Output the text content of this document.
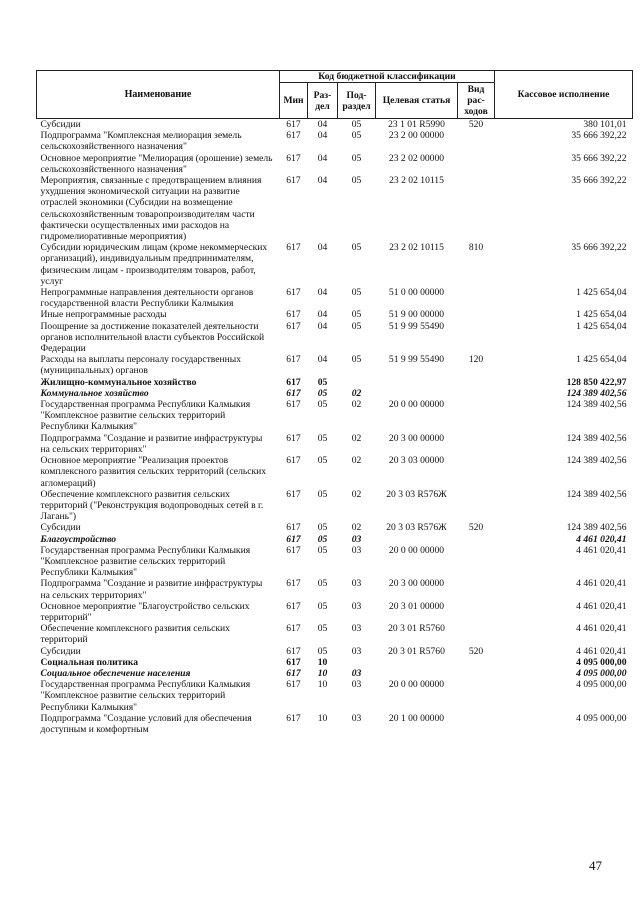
Наименование	Код бюджетной классификации					Кассовое исполнение
	Мин	Раз-дел	Под-раздел	Целевая статья	Вид рас-ходов	
Субсидии	617	04	05	23 1 01 R5990	520	380 101,01
Подпрограмма "Комплексная мелиорация земель сельскохозяйственного назначения"	617	04	05	23 2 00 00000		35 666 392,22
Основное мероприятие "Мелиорация (орошение) земель сельскохозяйственного назначения"	617	04	05	23 2 02 00000		35 666 392,22
Мероприятия, связанные с предотвращением влияния ухудшения экономической ситуации на развитие отраслей экономики (Субсидии на возмещение сельскохозяйственным товаропроизводителям части фактически осуществленных ими расходов на гидромелиоративные мероприятия)	617	04	05	23 2 02 10115		35 666 392,22
Субсидии юридическим лицам (кроме некоммерческих организаций), индивидуальным предпринимателям, физическим лицам - производителям товаров, работ, услуг	617	04	05	23 2 02 10115	810	35 666 392,22
Непрограммные направления деятельности органов государственной власти Республики Калмыкия	617	04	05	51 0 00 00000		1 425 654,04
Иные непрограммные расходы	617	04	05	51 9 00 00000		1 425 654,04
Поощрение за достижение показателей деятельности органов исполнительной власти субъектов Российской Федерации	617	04	05	51 9 99 55490		1 425 654,04
Расходы на выплаты персоналу государственных (муниципальных) органов	617	04	05	51 9 99 55490	120	1 425 654,04
Жилищно-коммунальное хозяйство	617	05				128 850 422,97
Коммунальное хозяйство	617	05	02			124 389 402,56
Государственная программа Республики Калмыкия "Комплексное развитие сельских территорий Республики Калмыкия"	617	05	02	20 0 00 00000		124 389 402,56
Подпрограмма "Создание и развитие инфраструктуры на сельских территориях"	617	05	02	20 3 00 00000		124 389 402,56
Основное мероприятие "Реализация проектов комплексного развития сельских территорий (сельских агломераций)	617	05	02	20 3 03 00000		124 389 402,56
Обеспечение комплексного развития сельских территорий ("Реконструкция водопроводных сетей в г. Лагань")	617	05	02	20 3 03 R576Ж		124 389 402,56
Субсидии	617	05	02	20 3 03 R576Ж	520	124 389 402,56
Благоустройство	617	05	03			4 461 020,41
Государственная программа Республики Калмыкия "Комплексное развитие сельских территорий Республики Калмыкия"	617	05	03	20 0 00 00000		4 461 020,41
Подпрограмма "Создание и развитие инфраструктуры на сельских территориях"	617	05	03	20 3 00 00000		4 461 020,41
Основное мероприятие "Благоустройство сельских территорий"	617	05	03	20 3 01 00000		4 461 020,41
Обеспечение комплексного развития сельских территорий	617	05	03	20 3 01 R5760		4 461 020,41
Субсидии	617	05	03	20 3 01 R5760	520	4 461 020,41
Социальная политика	617	10				4 095 000,00
Социальное обеспечение населения	617	10	03			4 095 000,00
Государственная программа Республики Калмыкия "Комплексное развитие сельских территорий Республики Калмыкия"	617	10	03	20 0 00 00000		4 095 000,00
Подпрограмма "Создание условий для обеспечения доступным и комфортным	617	10	03	20 1 00 00000		4 095 000,00
47
